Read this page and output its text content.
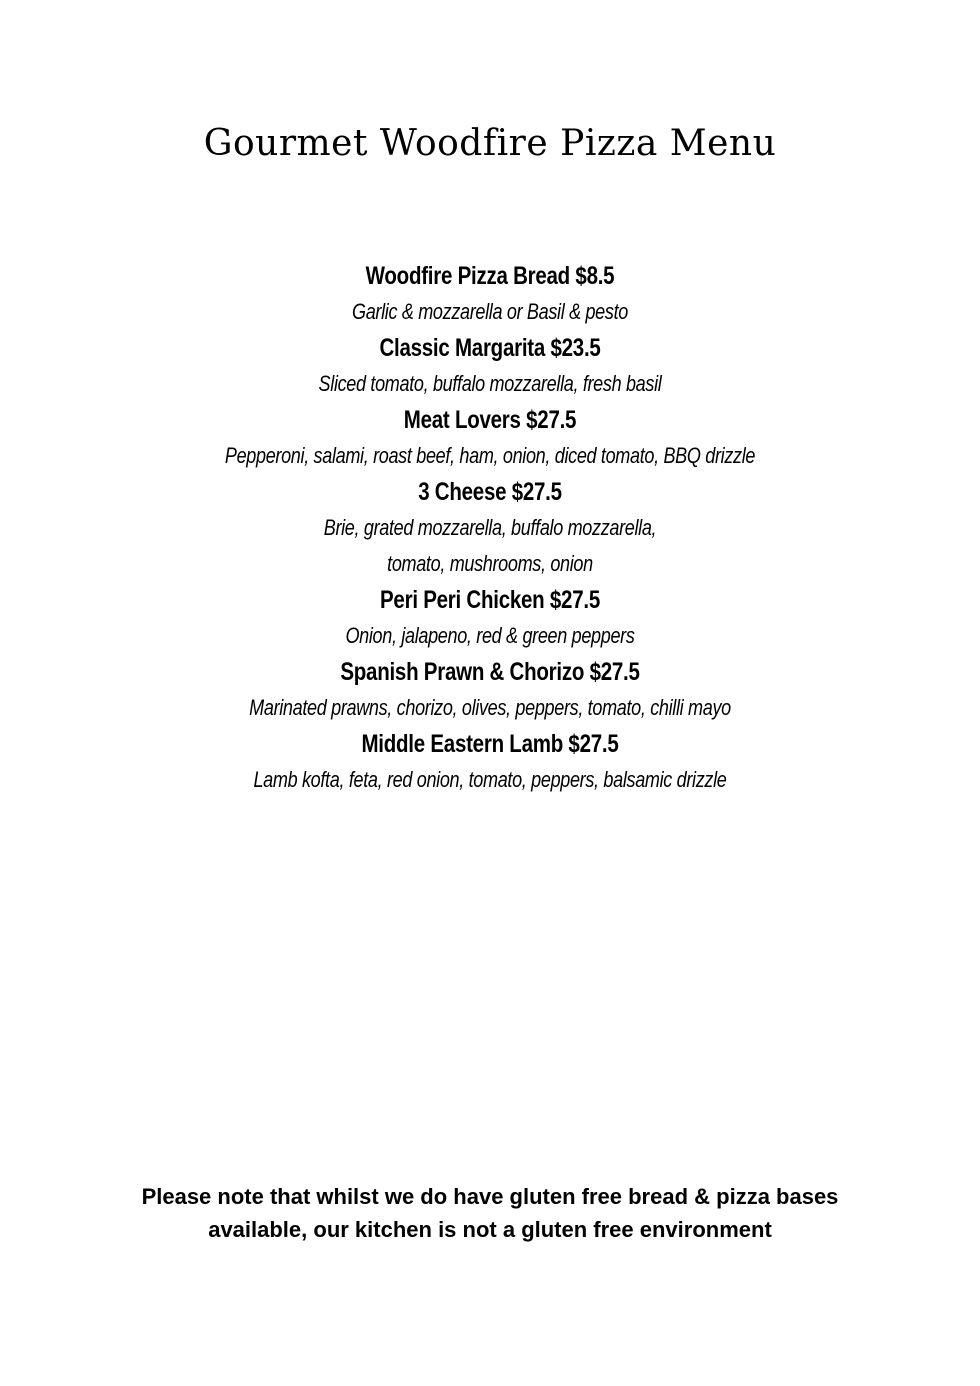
Gourmet Woodfire Pizza Menu
Woodfire Pizza Bread $8.5
Garlic & mozzarella or Basil & pesto
Classic Margarita $23.5
Sliced tomato, buffalo mozzarella, fresh basil
Meat Lovers $27.5
Pepperoni, salami, roast beef, ham, onion, diced tomato, BBQ drizzle
3 Cheese $27.5
Brie, grated mozzarella, buffalo mozzarella,
tomato, mushrooms, onion
Peri Peri Chicken $27.5
Onion, jalapeno, red & green peppers
Spanish Prawn & Chorizo $27.5
Marinated prawns, chorizo, olives, peppers, tomato, chilli mayo
Middle Eastern Lamb $27.5
Lamb kofta, feta, red onion, tomato, peppers, balsamic drizzle
Please note that whilst we do have gluten free bread & pizza bases
available, our kitchen is not a gluten free environment
